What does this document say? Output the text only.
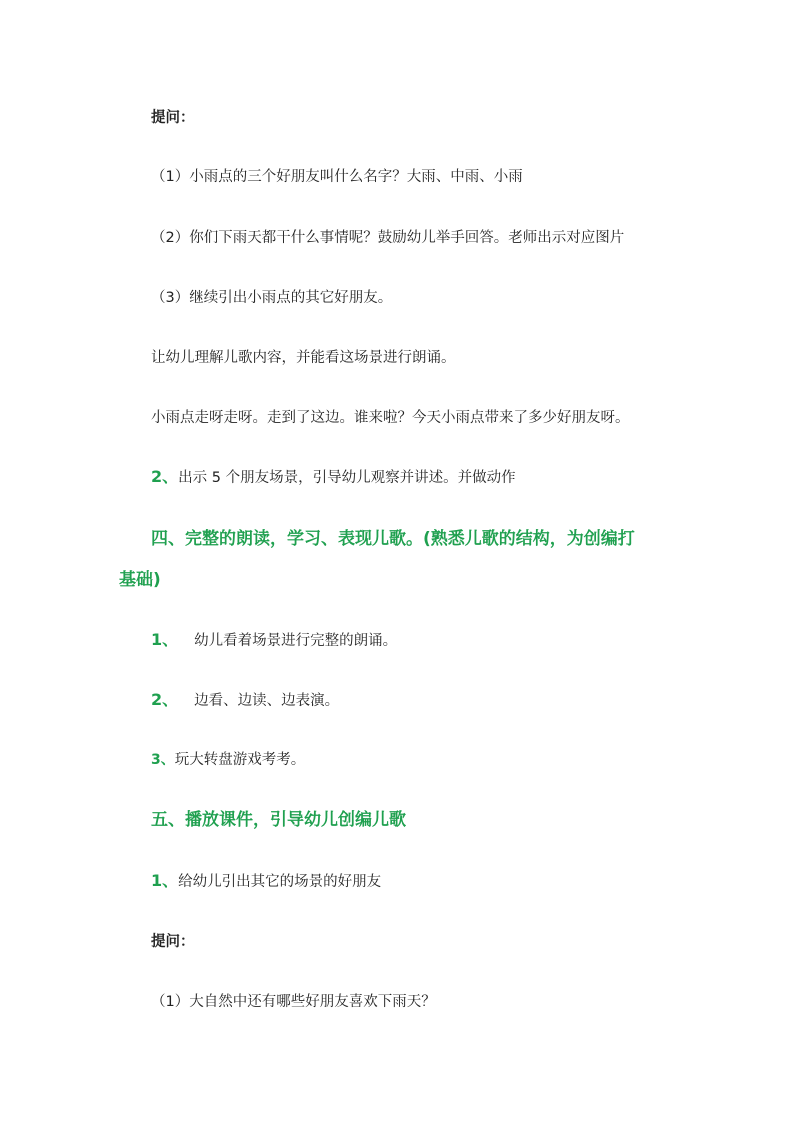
提问：
（1）小雨点的三个好朋友叫什么名字？大雨、中雨、小雨
（2）你们下雨天都干什么事情呢？鼓励幼儿举手回答。老师出示对应图片
（3）继续引出小雨点的其它好朋友。
让幼儿理解儿歌内容，并能看这场景进行朗诵。
小雨点走呀走呀。走到了这边。谁来啦？今天小雨点带来了多少好朋友呀。
2、出示 5 个朋友场景，引导幼儿观察并讲述。并做动作
四、完整的朗读，学习、表现儿歌。(熟悉儿歌的结构，为创编打
基础)
1、 幼儿看着场景进行完整的朗诵。
2、 边看、边读、边表演。
3、玩大转盘游戏考考。
五、播放课件，引导幼儿创编儿歌
1、给幼儿引出其它的场景的好朋友
提问：
（1）大自然中还有哪些好朋友喜欢下雨天？
